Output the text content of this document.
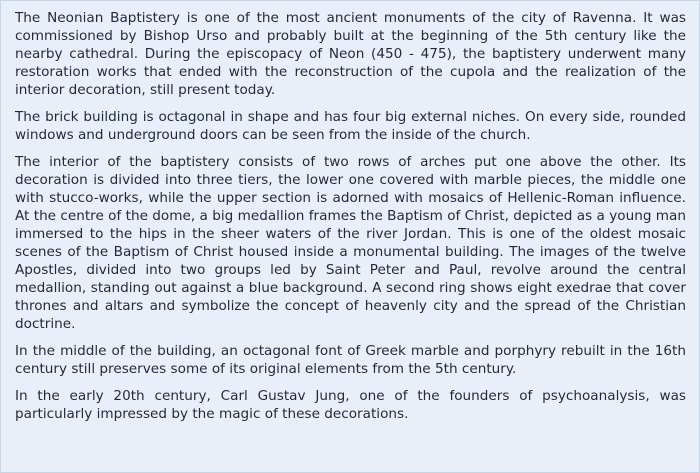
The Neonian Baptistery is one of the most ancient monuments of the city of Ravenna. It was commissioned by Bishop Urso and probably built at the beginning of the 5th century like the nearby cathedral. During the episcopacy of Neon (450 - 475), the baptistery underwent many restoration works that ended with the reconstruction of the cupola and the realization of the interior decoration, still present today.

The brick building is octagonal in shape and has four big external niches. On every side, rounded windows and underground doors can be seen from the inside of the church.

The interior of the baptistery consists of two rows of arches put one above the other. Its decoration is divided into three tiers, the lower one covered with marble pieces, the middle one with stucco-works, while the upper section is adorned with mosaics of Hellenic-Roman influence. At the centre of the dome, a big medallion frames the Baptism of Christ, depicted as a young man immersed to the hips in the sheer waters of the river Jordan. This is one of the oldest mosaic scenes of the Baptism of Christ housed inside a monumental building. The images of the twelve Apostles, divided into two groups led by Saint Peter and Paul, revolve around the central medallion, standing out against a blue background. A second ring shows eight exedrae that cover thrones and altars and symbolize the concept of heavenly city and the spread of the Christian doctrine.

In the middle of the building, an octagonal font of Greek marble and porphyry rebuilt in the 16th century still preserves some of its original elements from the 5th century.

In the early 20th century, Carl Gustav Jung, one of the founders of psychoanalysis, was particularly impressed by the magic of these decorations.
